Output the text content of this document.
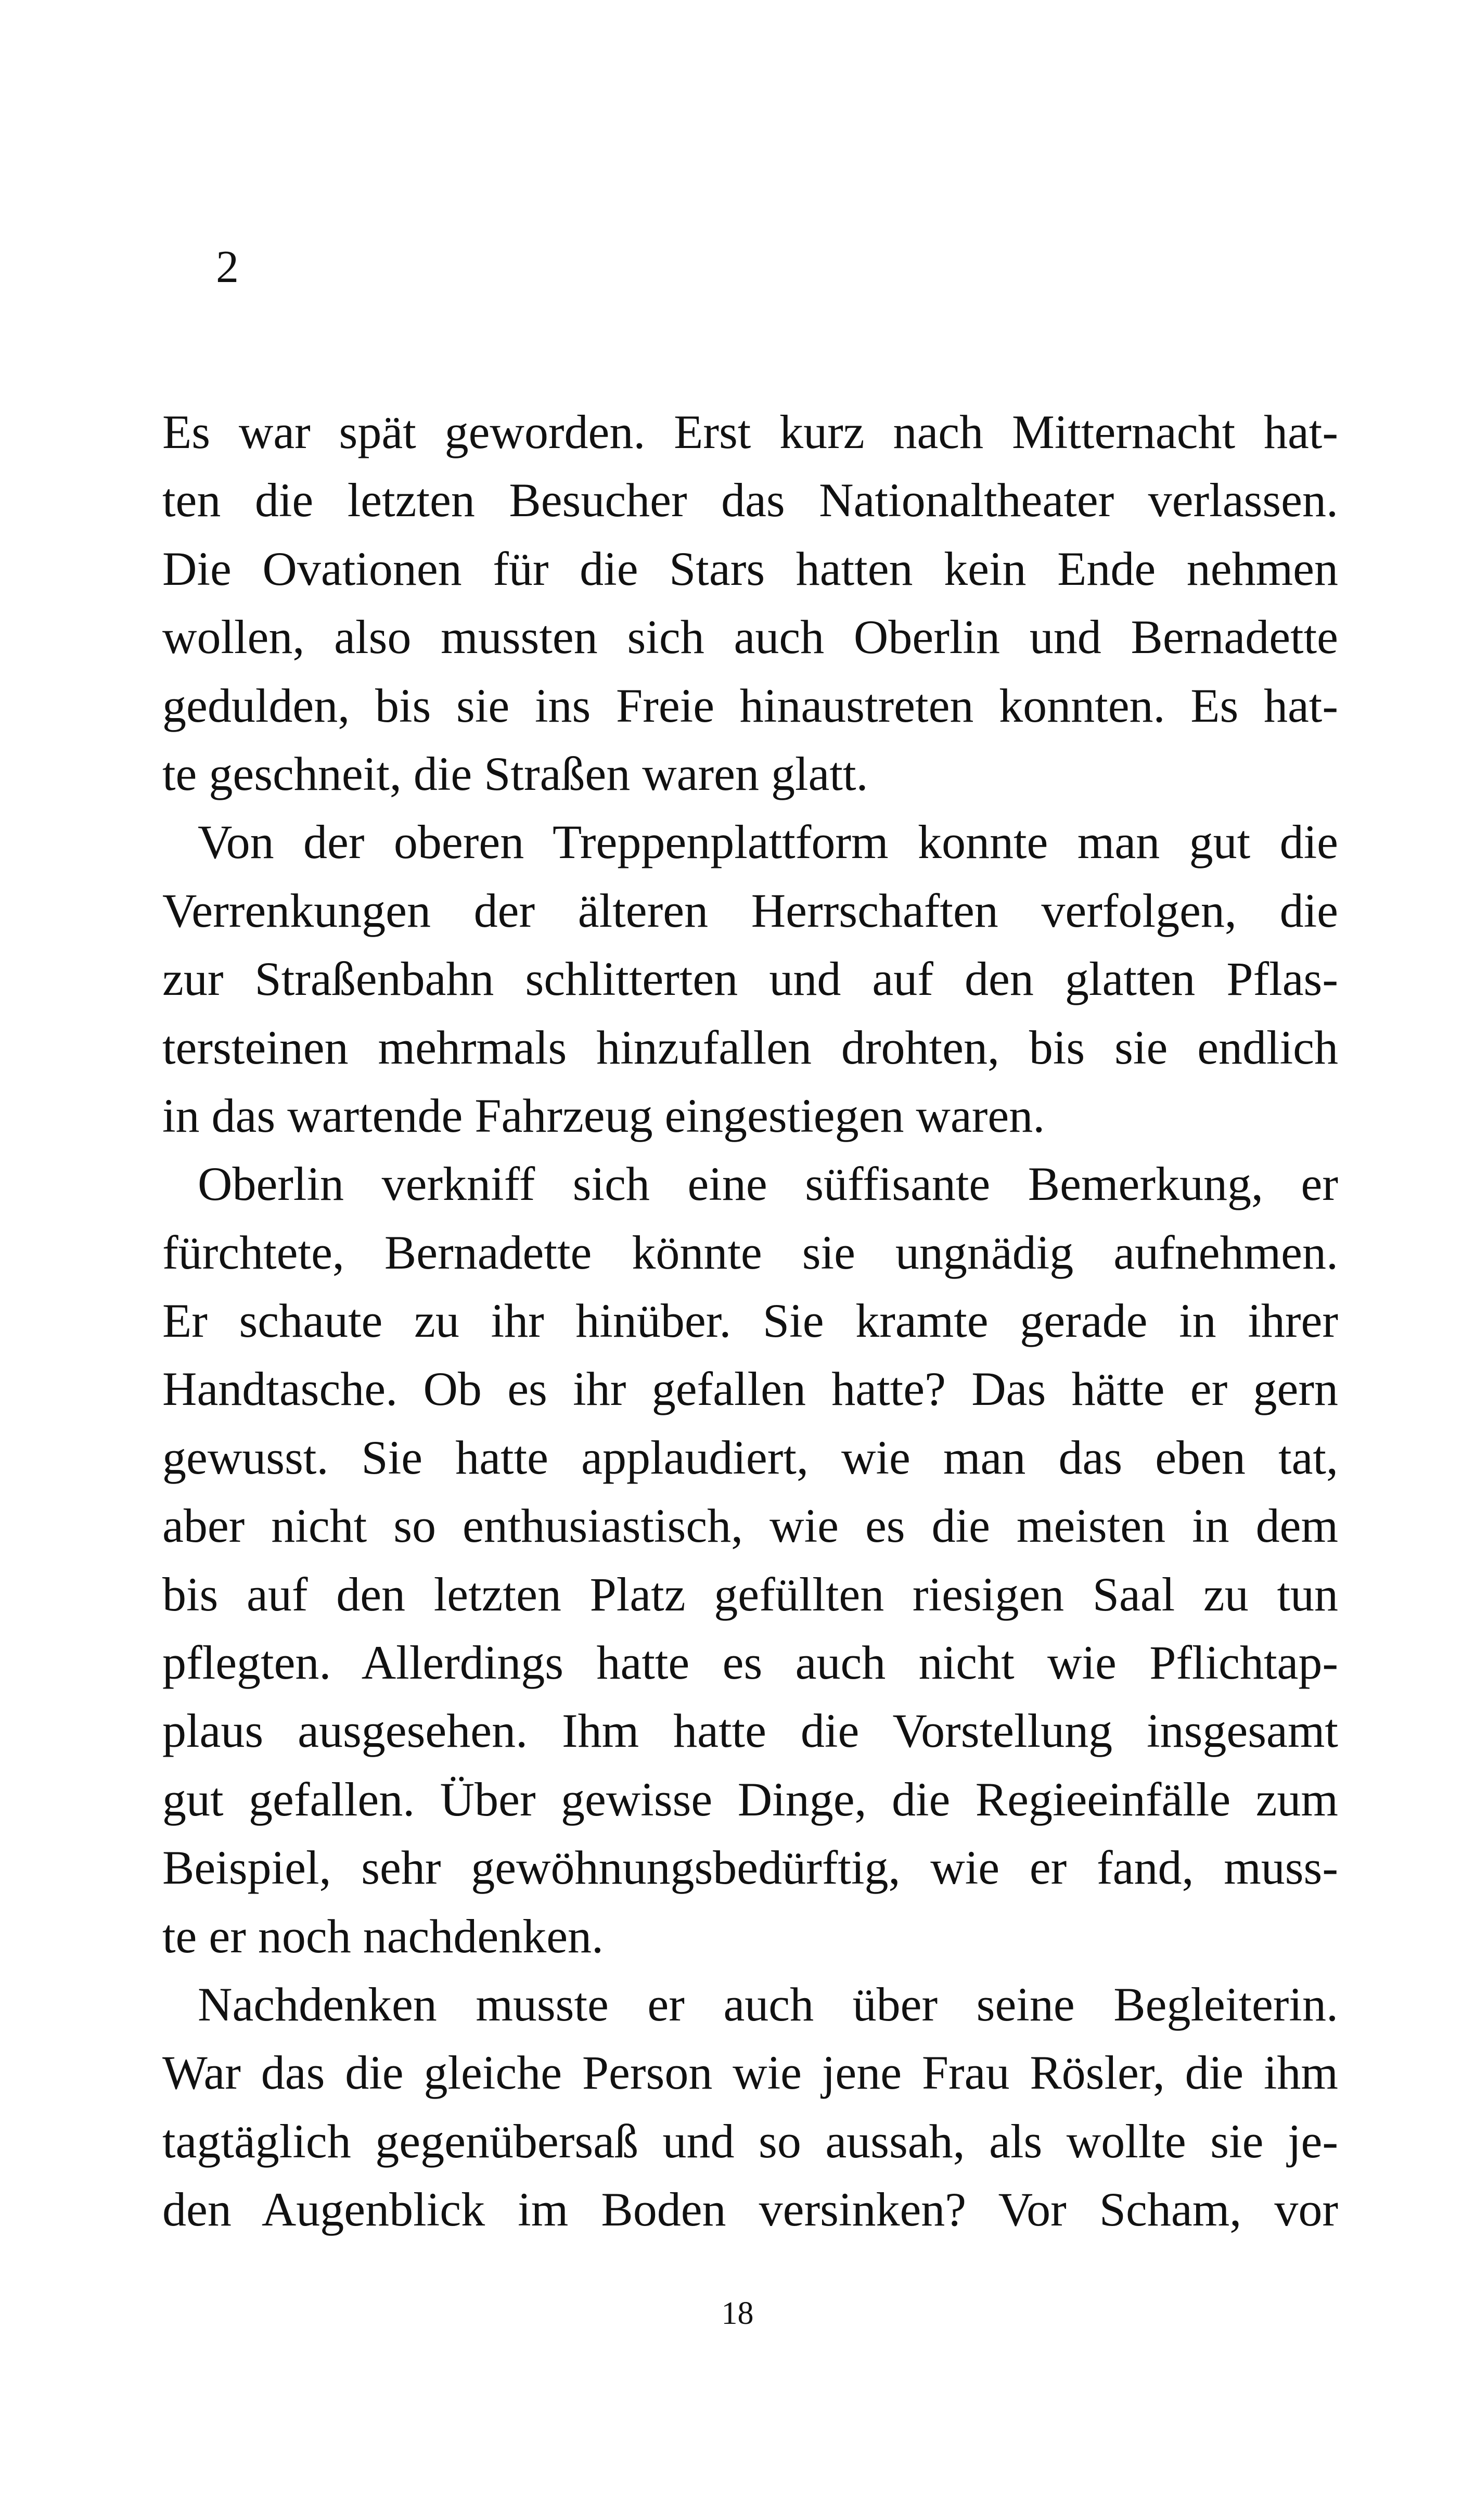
2
Es war spät geworden. Erst kurz nach Mitternacht hat-
ten die letzten Besucher das Nationaltheater verlassen.
Die Ovationen für die Stars hatten kein Ende nehmen
wollen, also mussten sich auch Oberlin und Bernadette
gedulden, bis sie ins Freie hinaustreten konnten. Es hat-
te geschneit, die Straßen waren glatt.
Von der oberen Treppenplattform konnte man gut die
Verrenkungen der älteren Herrschaften verfolgen, die
zur Straßenbahn schlitterten und auf den glatten Pflas-
tersteinen mehrmals hinzufallen drohten, bis sie endlich
in das wartende Fahrzeug eingestiegen waren.
Oberlin verkniff sich eine süffisante Bemerkung, er
fürchtete, Bernadette könnte sie ungnädig aufnehmen.
Er schaute zu ihr hinüber. Sie kramte gerade in ihrer
Handtasche. Ob es ihr gefallen hatte? Das hätte er gern
gewusst. Sie hatte applaudiert, wie man das eben tat,
aber nicht so enthusiastisch, wie es die meisten in dem
bis auf den letzten Platz gefüllten riesigen Saal zu tun
pflegten. Allerdings hatte es auch nicht wie Pflichtap-
plaus ausgesehen. Ihm hatte die Vorstellung insgesamt
gut gefallen. Über gewisse Dinge, die Regieeinfälle zum
Beispiel, sehr gewöhnungsbedürftig, wie er fand, muss-
te er noch nachdenken.
Nachdenken musste er auch über seine Begleiterin.
War das die gleiche Person wie jene Frau Rösler, die ihm
tagtäglich gegenübersaß und so aussah, als wollte sie je-
den Augenblick im Boden versinken? Vor Scham, vor
18
